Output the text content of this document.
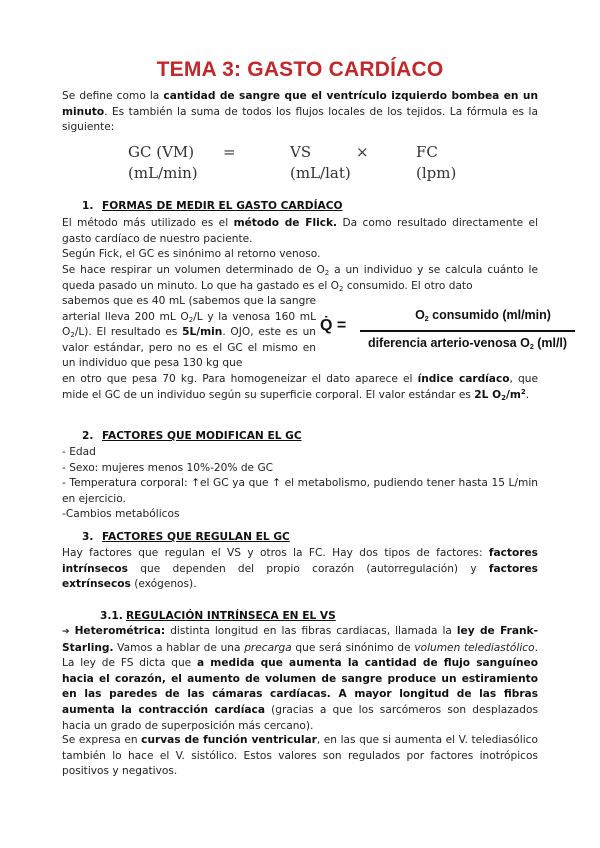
TEMA 3: GASTO CARDÍACO
Se define como la cantidad de sangre que el ventrículo izquierdo bombea en un minuto. Es también la suma de todos los flujos locales de los tejidos. La fórmula es la siguiente:
GC (VM) =	VS	×	FC
(mL/min)	(mL/lat)	(lpm)
1. FORMAS DE MEDIR EL GASTO CARDÍACO
El método más utilizado es el método de Flick. Da como resultado directamente el gasto cardíaco de nuestro paciente.
Según Fick, el GC es sinónimo al retorno venoso.
Se hace respirar un volumen determinado de $O_2$ a un individuo y se calcula cuánto le queda pasado un minuto. Lo que ha gastado es el $O_2$ consumido. El otro dato
sabemos que es 40 mL (sabemos que la sangre arterial lleva 200 mL $O_2/L$ y la venosa 160 mL $O_2/L$). El resultado es 5L/min. OJO, este es un valor estándar, pero no es el GC el mismo en un individuo que pesa 130 kg que
Q̇ =
$O_2$ consumido (ml/min)
diferencia arterio-venosa $O_2$ (ml/l)
en otro que pesa 70 kg. Para homogeneizar el dato aparece el índice cardíaco, que mide el GC de un individuo según su superficie corporal. El valor estándar es 2L $O_2/m^2$.
2. FACTORES QUE MODIFICAN EL GC
- Edad
- Sexo: mujeres menos 10%-20% de GC
- Temperatura corporal: ↑el GC ya que ↑ el metabolismo, pudiendo tener hasta 15 L/min en ejercicio.
-Cambios metabólicos
3. FACTORES QUE REGULAN EL GC
Hay factores que regulan el VS y otros la FC. Hay dos tipos de factores: factores intrínsecos que dependen del propio corazón (autorregulación) y factores extrínsecos (exógenos).
3.1. REGULACIÓN INTRÍNSECA EN EL VS
➔ Heterométrica: distinta longitud en las fibras cardiacas, llamada la ley de Frank-Starling. Vamos a hablar de una precarga que será sinónimo de volumen telediastólico. La ley de FS dicta que a medida que aumenta la cantidad de flujo sanguíneo hacia el corazón, el aumento de volumen de sangre produce un estiramiento en las paredes de las cámaras cardíacas. A mayor longitud de las fibras aumenta la contracción cardíaca (gracias a que los sarcómeros son desplazados hacia un grado de superposición más cercano).
Se expresa en curvas de función ventricular, en las que si aumenta el V. telediasólico también lo hace el V. sistólico. Estos valores son regulados por factores inotrópicos positivos y negativos.
